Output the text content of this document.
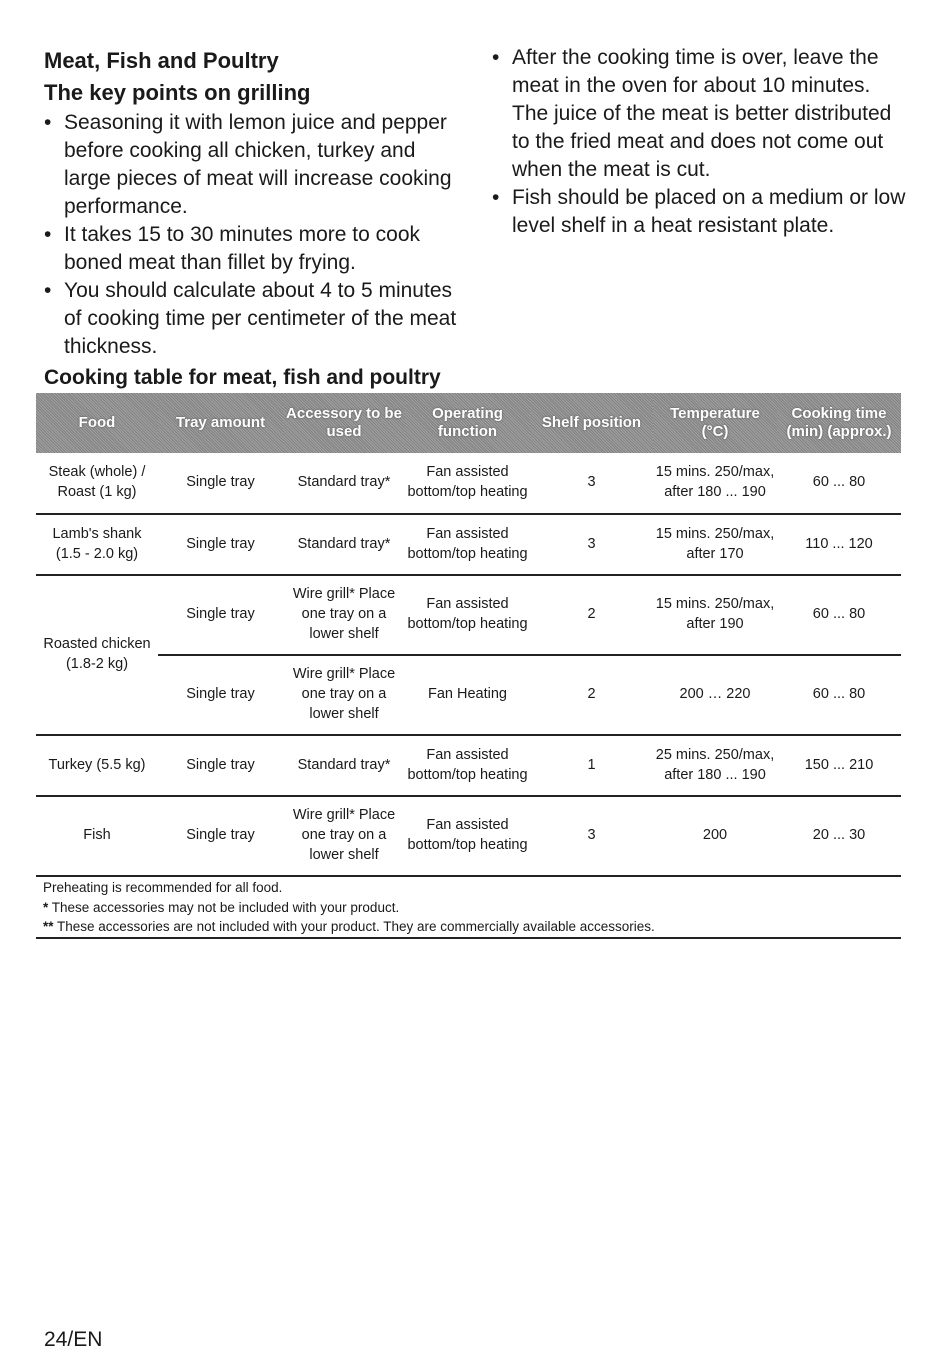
Meat, Fish and Poultry

The key points on grilling

• Seasoning it with lemon juice and pepper before cooking all chicken, turkey and large pieces of meat will increase cooking performance.
• It takes 15 to 30 minutes more to cook boned meat than fillet by frying.
• You should calculate about 4 to 5 minutes of cooking time per centimeter of the meat thickness.
• After the cooking time is over, leave the meat in the oven for about 10 minutes. The juice of the meat is better distributed to the fried meat and does not come out when the meat is cut.
• Fish should be placed on a medium or low level shelf in a heat resistant plate.

Cooking table for meat, fish and poultry

Food	Tray amount	Accessory to be used	Operating function	Shelf position	Temperature (°C)	Cooking time (min) (approx.)
Steak (whole) / Roast (1 kg)	Single tray	Standard tray*	Fan assisted bottom/top heating	3	15 mins. 250/max, after 180 ... 190	60 ... 80
Lamb's shank (1.5 - 2.0 kg)	Single tray	Standard tray*	Fan assisted bottom/top heating	3	15 mins. 250/max, after 170	110 ... 120
Roasted chicken (1.8-2 kg)	Single tray	Wire grill* Place one tray on a lower shelf	Fan assisted bottom/top heating	2	15 mins. 250/max, after 190	60 ... 80
	Single tray	Wire grill* Place one tray on a lower shelf	Fan Heating	2	200 … 220	60 ... 80
Turkey (5.5 kg)	Single tray	Standard tray*	Fan assisted bottom/top heating	1	25 mins. 250/max, after 180 ... 190	150 ... 210
Fish	Single tray	Wire grill* Place one tray on a lower shelf	Fan assisted bottom/top heating	3	200	20 ... 30
Preheating is recommended for all food.
* These accessories may not be included with your product.
** These accessories are not included with your product. They are commercially available accessories.
24/EN
